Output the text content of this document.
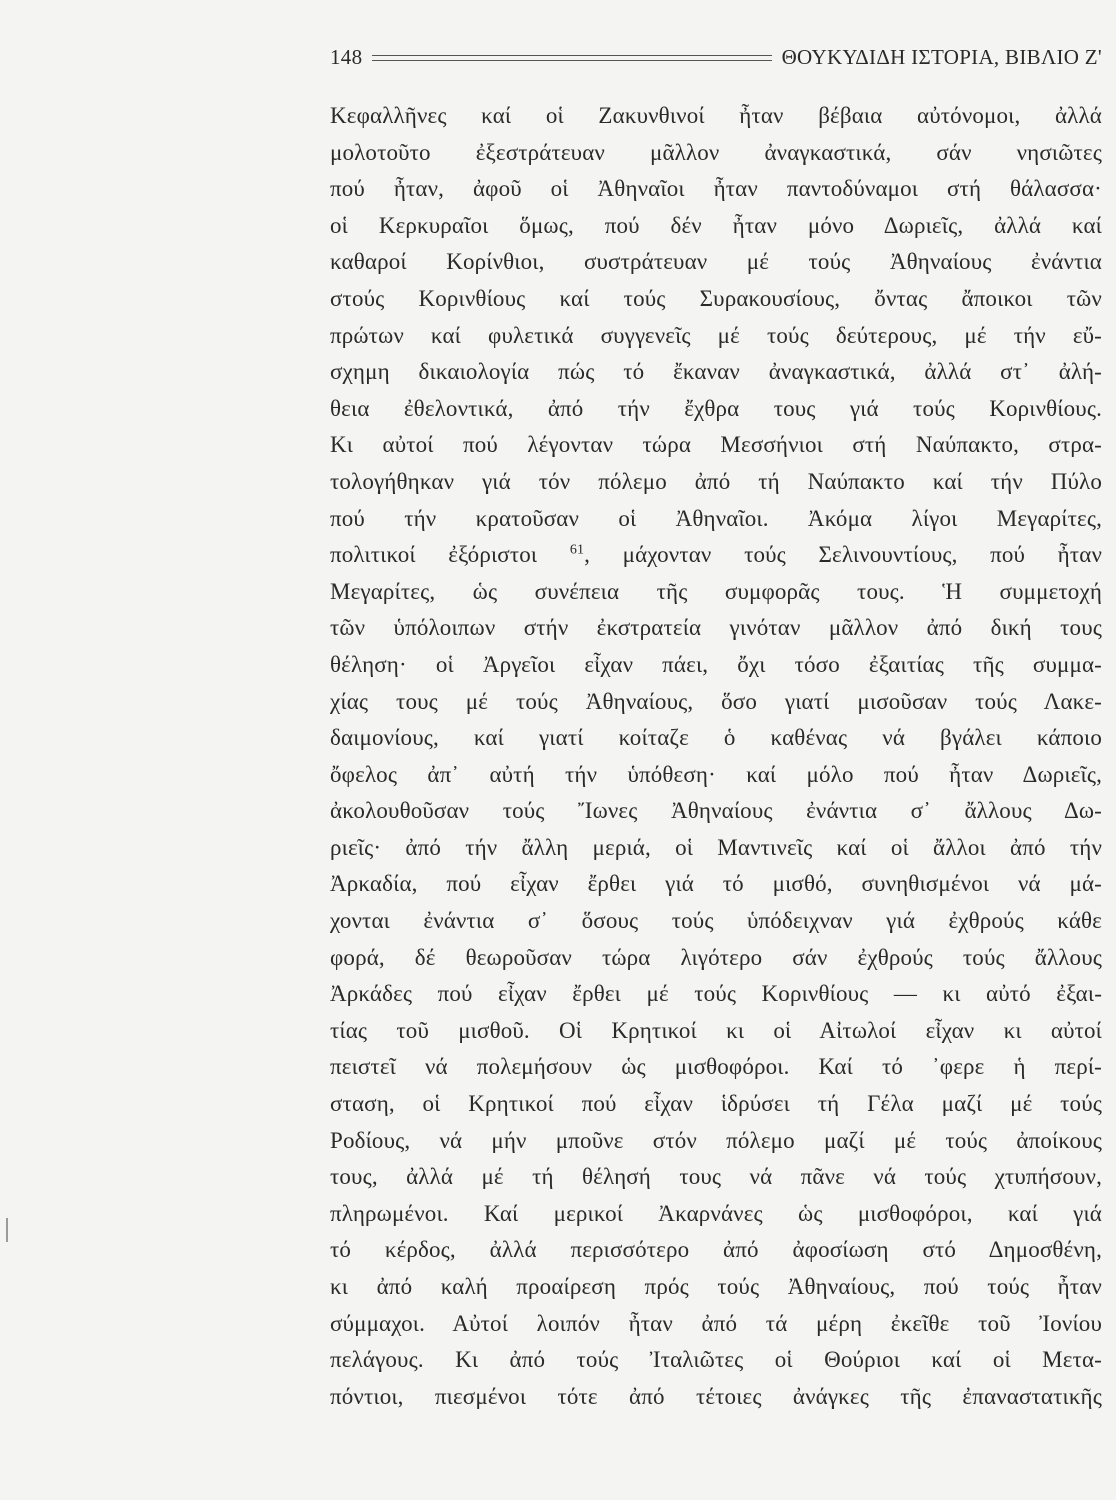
148	ΘΟΥΚΥΔΙΔΗ ΙΣΤΟΡΙΑ, ΒΙΒΛΙΟ Ζ'
Κεφαλλῆνες καί οἱ Ζακυνθινοί ἦταν βέβαια αὐτόνομοι, ἀλλά
μολοτοῦτο ἐξεστράτευαν μᾶλλον ἀναγκαστικά, σάν νησιῶτες
πού ἦταν, ἀφοῦ οἱ Ἀθηναῖοι ἦταν παντοδύναμοι στή θάλασσα·
οἱ Κερκυραῖοι ὅμως, πού δέν ἦταν μόνο Δωριεῖς, ἀλλά καί
καθαροί Κορίνθιοι, συστράτευαν μέ τούς Ἀθηναίους ἐνάντια
στούς Κορινθίους καί τούς Συρακουσίους, ὄντας ἄποικοι τῶν
πρώτων καί φυλετικά συγγενεῖς μέ τούς δεύτερους, μέ τήν εὔ-
σχημη δικαιολογία πώς τό ἔκαναν ἀναγκαστικά, ἀλλά στ᾿ ἀλή-
θεια ἐθελοντικά, ἀπό τήν ἔχθρα τους γιά τούς Κορινθίους.
Κι αὐτοί πού λέγονταν τώρα Μεσσήνιοι στή Ναύπακτο, στρα-
τολογήθηκαν γιά τόν πόλεμο ἀπό τή Ναύπακτο καί τήν Πύλο
πού τήν κρατοῦσαν οἱ Ἀθηναῖοι. Ἀκόμα λίγοι Μεγαρίτες,
πολιτικοί ἐξόριστοι $^{61}$, μάχονταν τούς Σελινουντίους, πού ἦταν
Μεγαρίτες, ὡς συνέπεια τῆς συμφορᾶς τους. Ἡ συμμετοχή
τῶν ὑπόλοιπων στήν ἐκστρατεία γινόταν μᾶλλον ἀπό δική τους
θέληση· οἱ Ἀργεῖοι εἶχαν πάει, ὄχι τόσο ἐξαιτίας τῆς συμμα-
χίας τους μέ τούς Ἀθηναίους, ὅσο γιατί μισοῦσαν τούς Λακε-
δαιμονίους, καί γιατί κοίταζε ὁ καθένας νά βγάλει κάποιο
ὄφελος ἀπ᾿ αὐτή τήν ὑπόθεση· καί μόλο πού ἦταν Δωριεῖς,
ἀκολουθοῦσαν τούς Ἴωνες Ἀθηναίους ἐνάντια σ᾿ ἄλλους Δω-
ριεῖς· ἀπό τήν ἄλλη μεριά, οἱ Μαντινεῖς καί οἱ ἄλλοι ἀπό τήν
Ἀρκαδία, πού εἶχαν ἔρθει γιά τό μισθό, συνηθισμένοι νά μά-
χονται ἐνάντια σ᾿ ὅσους τούς ὑπόδειχναν γιά ἐχθρούς κάθε
φορά, δέ θεωροῦσαν τώρα λιγότερο σάν ἐχθρούς τούς ἄλλους
Ἀρκάδες πού εἶχαν ἔρθει μέ τούς Κορινθίους — κι αὐτό ἐξαι-
τίας τοῦ μισθοῦ. Οἱ Κρητικοί κι οἱ Αἰτωλοί εἶχαν κι αὐτοί
πειστεῖ νά πολεμήσουν ὡς μισθοφόροι. Καί τό ᾿φερε ἡ περί-
σταση, οἱ Κρητικοί πού εἶχαν ἱδρύσει τή Γέλα μαζί μέ τούς
Ροδίους, νά μήν μποῦνε στόν πόλεμο μαζί μέ τούς ἀποίκους
τους, ἀλλά μέ τή θέλησή τους νά πᾶνε νά τούς χτυπήσουν,
πληρωμένοι. Καί μερικοί Ἀκαρνάνες ὡς μισθοφόροι, καί γιά
τό κέρδος, ἀλλά περισσότερο ἀπό ἀφοσίωση στό Δημοσθένη,
κι ἀπό καλή προαίρεση πρός τούς Ἀθηναίους, πού τούς ἦταν
σύμμαχοι. Αὐτοί λοιπόν ἦταν ἀπό τά μέρη ἐκεῖθε τοῦ Ἰονίου
πελάγους. Κι ἀπό τούς Ἰταλιῶτες οἱ Θούριοι καί οἱ Μετα-
πόντιοι, πιεσμένοι τότε ἀπό τέτοιες ἀνάγκες τῆς ἐπαναστατικῆς
